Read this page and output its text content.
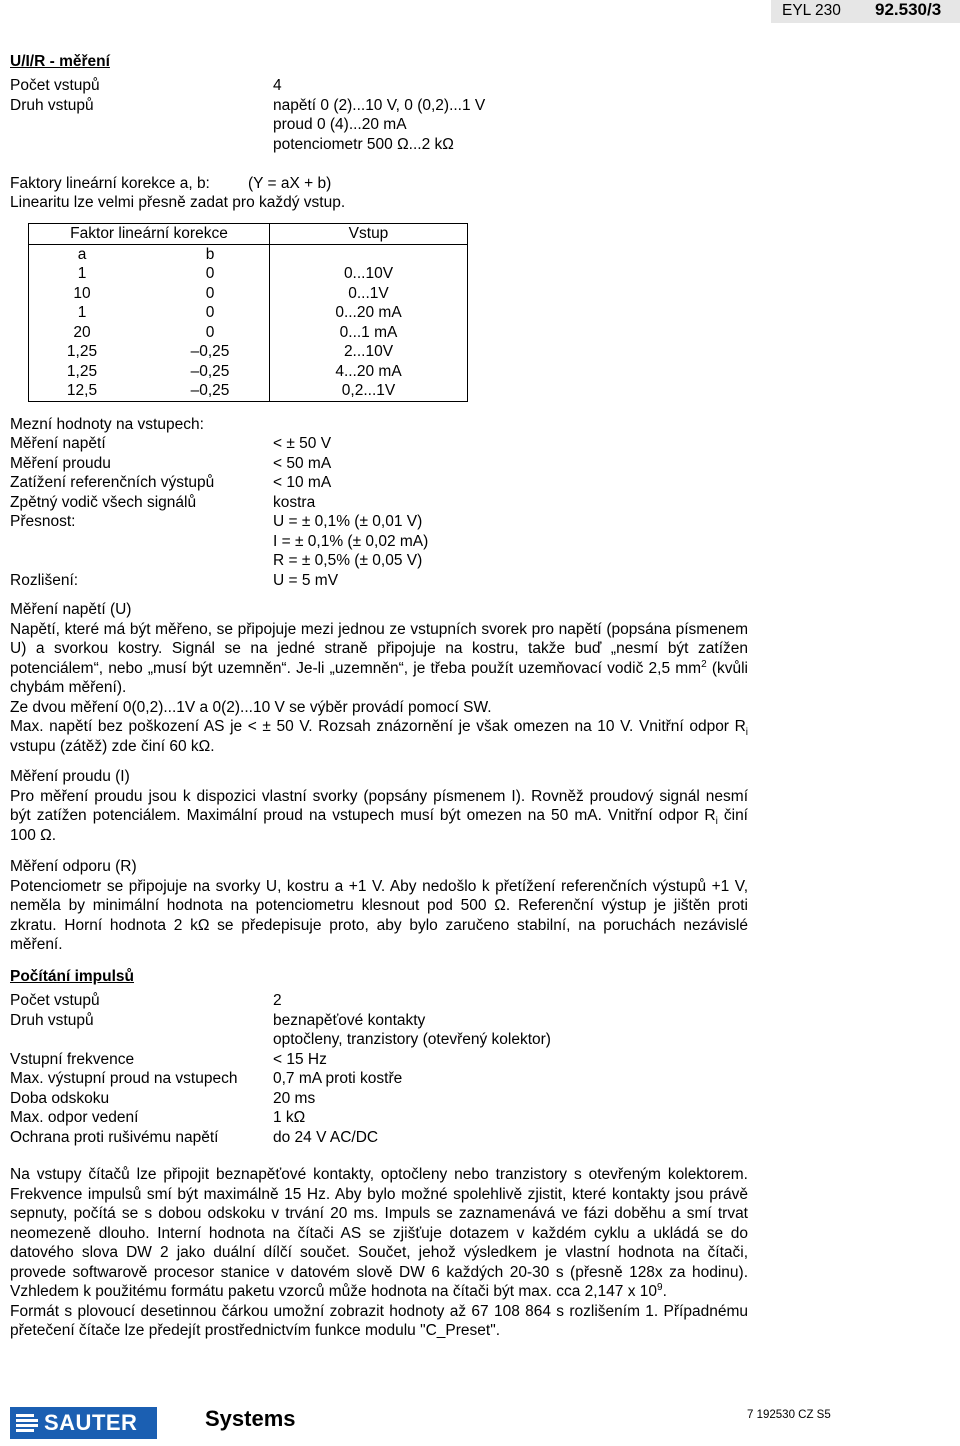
EYL 230 92.530/3
U/I/R - měření
Počet vstupů	4
Druh vstupů	napětí 0 (2)...10 V, 0 (0,2)...1 V
proud 0 (4)...20 mA
potenciometr 500 Ω...2 kΩ
Faktory lineární korekce a, b: (Y = aX + b)
Linearitu lze velmi přesně zadat pro každý vstup.
Faktor lineární korekce	Vstup

a b	

1 0	0...10V

10 0	0...1V

1 0	0...20 mA

20 0	0...1 mA

1,25 –0,25	2...10V

1,25 –0,25	4...20 mA

12,5 –0,25	0,2...1V
Mezní hodnoty na vstupech:
Měření napětí	< ± 50 V
Měření proudu	< 50 mA
Zatížení referenčních výstupů	< 10 mA
Zpětný vodič všech signálů	kostra
Přesnost:	U = ± 0,1% (± 0,01 V)
I = ± 0,1% (± 0,02 mA)
R = ± 0,5% (± 0,05 V)
Rozlišení:	U = 5 mV

Měření napětí (U)

Napětí, které má být měřeno, se připojuje mezi jednou ze vstupních svorek pro napětí (popsána písmenem U) a svorkou kostry. Signál se na jedné straně připojuje na kostru, takže buď „nesmí být zatížen potenciálem“, nebo „musí být uzemněn“. Je-li „uzemněn“, je třeba použít uzemňovací vodič 2,5 $mm^2$ (kvůli chybám měření).

Ze dvou měření 0(0,2)...1V a 0(2)...10 V se výběr provádí pomocí SW.

Max. napětí bez poškození AS je < ± 50 V. Rozsah znázornění je však omezen na 10 V. Vnitřní odpor $R_i$ vstupu (zátěž) zde činí 60 kΩ.

Měření proudu (I)

Pro měření proudu jsou k dispozici vlastní svorky (popsány písmenem I). Rovněž proudový signál nesmí být zatížen potenciálem. Maximální proud na vstupech musí být omezen na 50 mA. Vnitřní odpor $R_i$ činí 100 Ω.

Měření odporu (R)

Potenciometr se připojuje na svorky U, kostru a +1 V. Aby nedošlo k přetížení referenčních výstupů +1 V, neměla by minimální hodnota na potenciometru klesnout pod 500 Ω. Referenční výstup je jištěn proti zkratu. Horní hodnota 2 kΩ se předepisuje proto, aby bylo zaručeno stabilní, na poruchách nezávislé měření.

Počítání impulsů
Počet vstupů	2
Druh vstupů	beznapěťové kontakty
optočleny, tranzistory (otevřený kolektor)
Vstupní frekvence	< 15 Hz
Max. výstupní proud na vstupech	0,7 mA proti kostře
Doba odskoku	20 ms
Max. odpor vedení	1 kΩ
Ochrana proti rušivému napětí	do 24 V AC/DC

Na vstupy čítačů lze připojit beznapěťové kontakty, optočleny nebo tranzistory s otevřeným kolektorem. Frekvence impulsů smí být maximálně 15 Hz. Aby bylo možné spolehlivě zjistit, které kontakty jsou právě sepnuty, počítá se s dobou odskoku v trvání 20 ms. Impuls se zaznamenává ve fázi doběhu a smí trvat neomezeně dlouho. Interní hodnota na čítači AS se zjišťuje dotazem v každém cyklu a ukládá se do datového slova DW 2 jako duální dílčí součet. Součet, jehož výsledkem je vlastní hodnota na čítači, provede softwarově procesor stanice v datovém slově DW 6 každých 20-30 s (přesně 128x za hodinu). Vzhledem k použitému formátu paketu vzorců může hodnota na čítači být max. cca 2,147 x $10^9$.

Formát s plovoucí desetinnou čárkou umožní zobrazit hodnoty až 67 108 864 s rozlišením 1. Případnému přetečení čítače lze předejít prostřednictvím funkce modulu "C_Preset".

SAUTER	Systems	7 192530 CZ S5
